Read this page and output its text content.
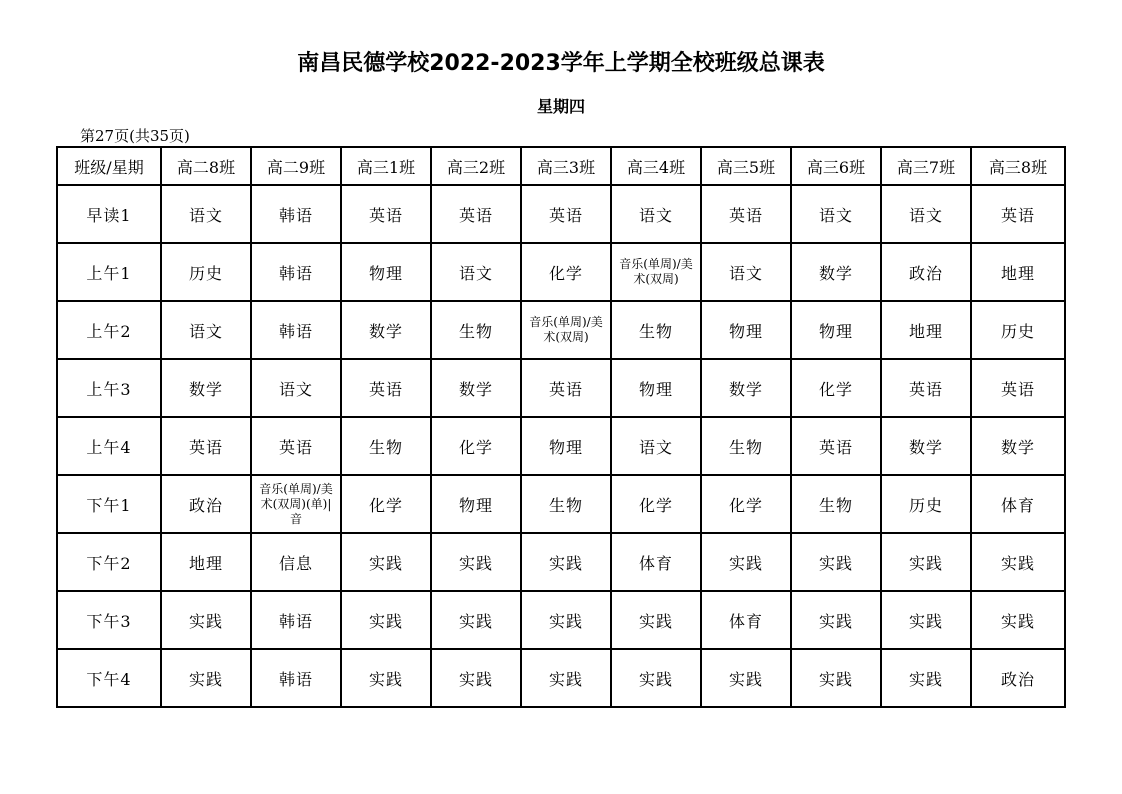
南昌民德学校2022-2023学年上学期全校班级总课表
星期四
第27页(共35页)
班级/星期	高二8班	高二9班	高三1班	高三2班	高三3班	高三4班	高三5班	高三6班	高三7班	高三8班
早读1	语文	韩语	英语	英语	英语	语文	英语	语文	语文	英语
上午1	历史	韩语	物理	语文	化学	音乐(单周)/美术(双周)	语文	数学	政治	地理
上午2	语文	韩语	数学	生物	音乐(单周)/美术(双周)	生物	物理	物理	地理	历史
上午3	数学	语文	英语	数学	英语	物理	数学	化学	英语	英语
上午4	英语	英语	生物	化学	物理	语文	生物	英语	数学	数学
下午1	政治	音乐(单周)/美术(双周)(单)|音	化学	物理	生物	化学	化学	生物	历史	体育
下午2	地理	信息	实践	实践	实践	体育	实践	实践	实践	实践
下午3	实践	韩语	实践	实践	实践	实践	体育	实践	实践	实践
下午4	实践	韩语	实践	实践	实践	实践	实践	实践	实践	政治
